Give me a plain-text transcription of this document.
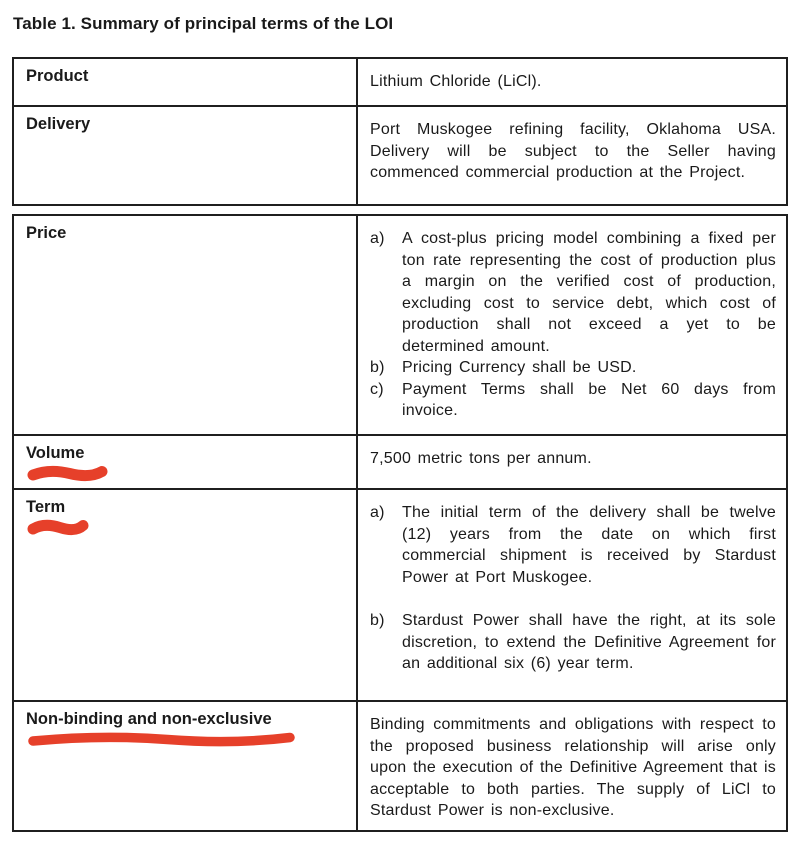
Table 1. Summary of principal terms of the LOI
Product	Lithium Chloride (LiCl).

Delivery	Port Muskogee refining facility, Oklahoma USA. Delivery will be subject to the Seller having commenced commercial production at the Project.

Price	a)	A cost-plus pricing model combining a fixed per ton rate representing the cost of production plus a margin on the verified cost of production, excluding cost to service debt, which cost of production shall not exceed a yet to be determined amount.
b)	Pricing Currency shall be USD.
c)	Payment Terms shall be Net 60 days from invoice.
Volume	7,500 metric tons per annum.

Term	a)	The initial term of the delivery shall be twelve (12) years from the date on which first commercial shipment is received by Stardust Power at Port Muskogee.
b)	Stardust Power shall have the right, at its sole discretion, to extend the Definitive Agreement for an additional six (6) year term.
Non-binding and non-exclusive	Binding commitments and obligations with respect to the proposed business relationship will arise only upon the execution of the Definitive Agreement that is acceptable to both parties. The supply of LiCl to Stardust Power is non-exclusive.
